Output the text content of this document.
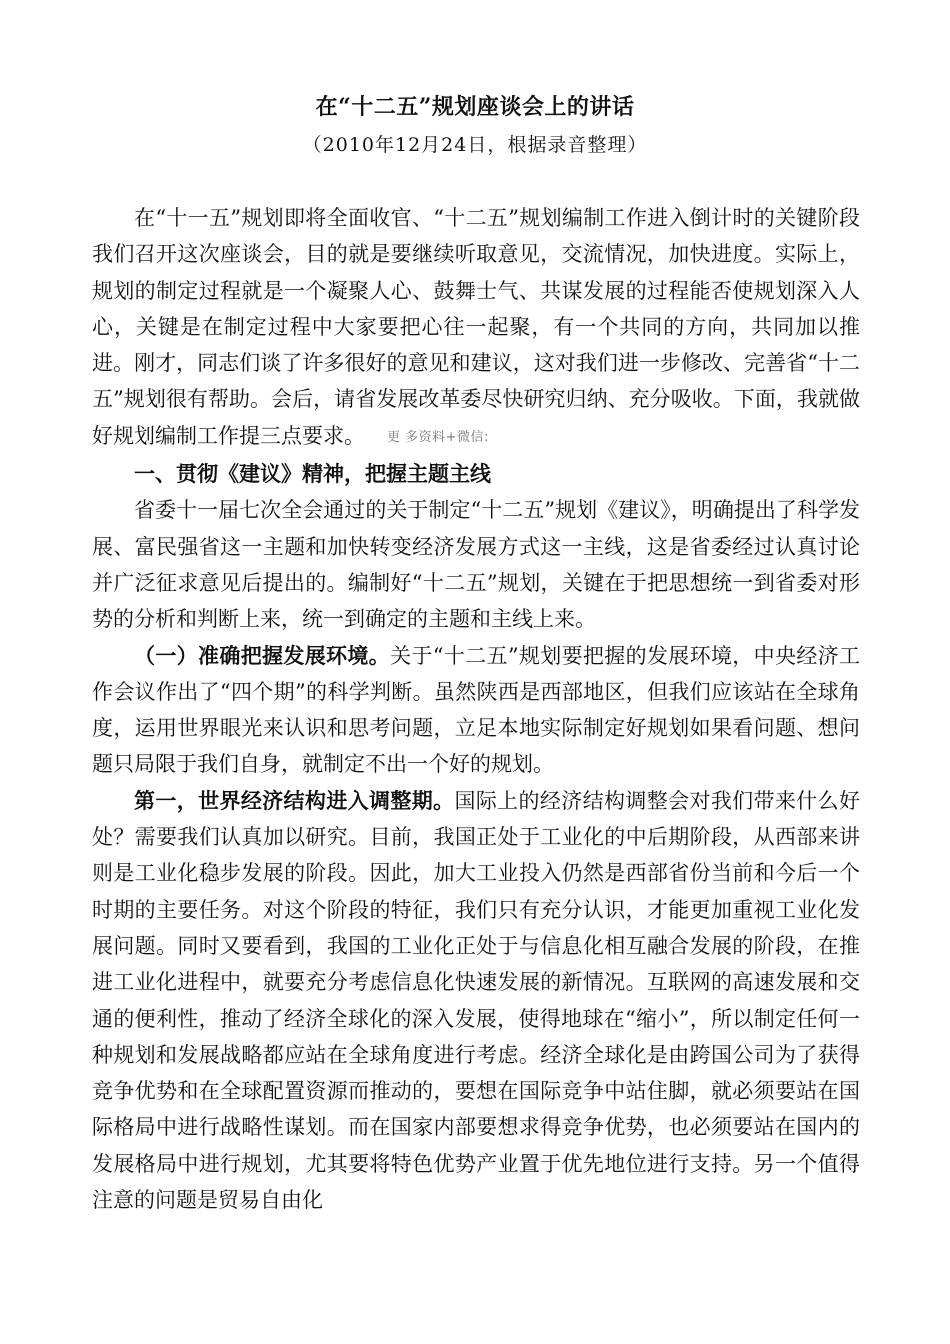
在“十二五”规划座谈会上的讲话
（2010年12月24日，根据录音整理）

在“十一五”规划即将全面收官、“十二五”规划编制工作进入倒计时的关键阶段我们召开这次座谈会，目的就是要继续听取意见，交流情况，加快进度。实际上，规划的制定过程就是一个凝聚人心、鼓舞士气、共谋发展的过程能否使规划深入人心，关键是在制定过程中大家要把心往一起聚，有一个共同的方向，共同加以推进。刚才，同志们谈了许多很好的意见和建议，这对我们进一步修改、完善省“十二五”规划很有帮助。会后，请省发展改革委尽快研究归纳、充分吸收。下面，我就做好规划编制工作提三点要求。 更 多资料+微信:

一、贯彻《建议》精神，把握主题主线

省委十一届七次全会通过的关于制定“十二五”规划《建议》，明确提出了科学发展、富民强省这一主题和加快转变经济发展方式这一主线，这是省委经过认真讨论并广泛征求意见后提出的。编制好“十二五”规划，关键在于把思想统一到省委对形势的分析和判断上来，统一到确定的主题和主线上来。

（一）准确把握发展环境。关于“十二五”规划要把握的发展环境，中央经济工作会议作出了“四个期”的科学判断。虽然陕西是西部地区，但我们应该站在全球角度，运用世界眼光来认识和思考问题，立足本地实际制定好规划如果看问题、想问题只局限于我们自身，就制定不出一个好的规划。

第一，世界经济结构进入调整期。国际上的经济结构调整会对我们带来什么好处？需要我们认真加以研究。目前，我国正处于工业化的中后期阶段，从西部来讲则是工业化稳步发展的阶段。因此，加大工业投入仍然是西部省份当前和今后一个时期的主要任务。对这个阶段的特征，我们只有充分认识，才能更加重视工业化发展问题。同时又要看到，我国的工业化正处于与信息化相互融合发展的阶段，在推进工业化进程中，就要充分考虑信息化快速发展的新情况。互联网的高速发展和交通的便利性，推动了经济全球化的深入发展，使得地球在“缩小”，所以制定任何一种规划和发展战略都应站在全球角度进行考虑。经济全球化是由跨国公司为了获得竞争优势和在全球配置资源而推动的，要想在国际竞争中站住脚，就必须要站在国际格局中进行战略性谋划。而在国家内部要想求得竞争优势，也必须要站在国内的发展格局中进行规划，尤其要将特色优势产业置于优先地位进行支持。另一个值得注意的问题是贸易自由化
